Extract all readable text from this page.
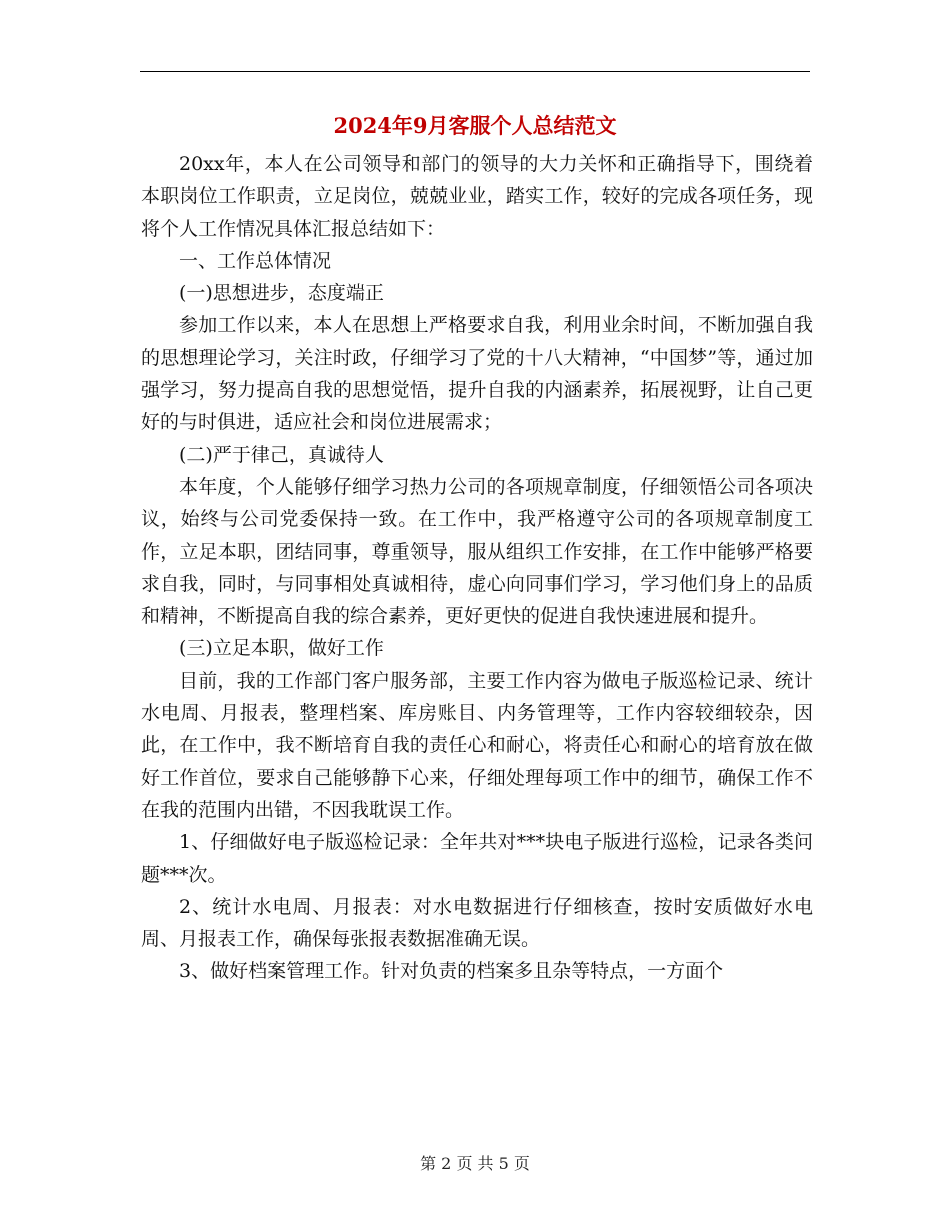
2024年9月客服个人总结范文

20xx年，本人在公司领导和部门的领导的大力关怀和正确指导下，围绕着本职岗位工作职责，立足岗位，兢兢业业，踏实工作，较好的完成各项任务，现将个人工作情况具体汇报总结如下：

一、工作总体情况

(一)思想进步，态度端正

参加工作以来，本人在思想上严格要求自我，利用业余时间，不断加强自我的思想理论学习，关注时政，仔细学习了党的十八大精神，“中国梦”等，通过加强学习，努力提高自我的思想觉悟，提升自我的内涵素养，拓展视野，让自己更好的与时俱进，适应社会和岗位进展需求；

(二)严于律己，真诚待人

本年度，个人能够仔细学习热力公司的各项规章制度，仔细领悟公司各项决议，始终与公司党委保持一致。在工作中，我严格遵守公司的各项规章制度工作，立足本职，团结同事，尊重领导，服从组织工作安排，在工作中能够严格要求自我，同时，与同事相处真诚相待，虚心向同事们学习，学习他们身上的品质和精神，不断提高自我的综合素养，更好更快的促进自我快速进展和提升。

(三)立足本职，做好工作

目前，我的工作部门客户服务部，主要工作内容为做电子版巡检记录、统计水电周、月报表，整理档案、库房账目、内务管理等，工作内容较细较杂，因此，在工作中，我不断培育自我的责任心和耐心，将责任心和耐心的培育放在做好工作首位，要求自己能够静下心来，仔细处理每项工作中的细节，确保工作不在我的范围内出错，不因我耽误工作。

1、仔细做好电子版巡检记录：全年共对***块电子版进行巡检，记录各类问题***次。

2、统计水电周、月报表：对水电数据进行仔细核查，按时安质做好水电周、月报表工作，确保每张报表数据准确无误。

3、做好档案管理工作。针对负责的档案多且杂等特点，一方面个

第 2 页 共 5 页
